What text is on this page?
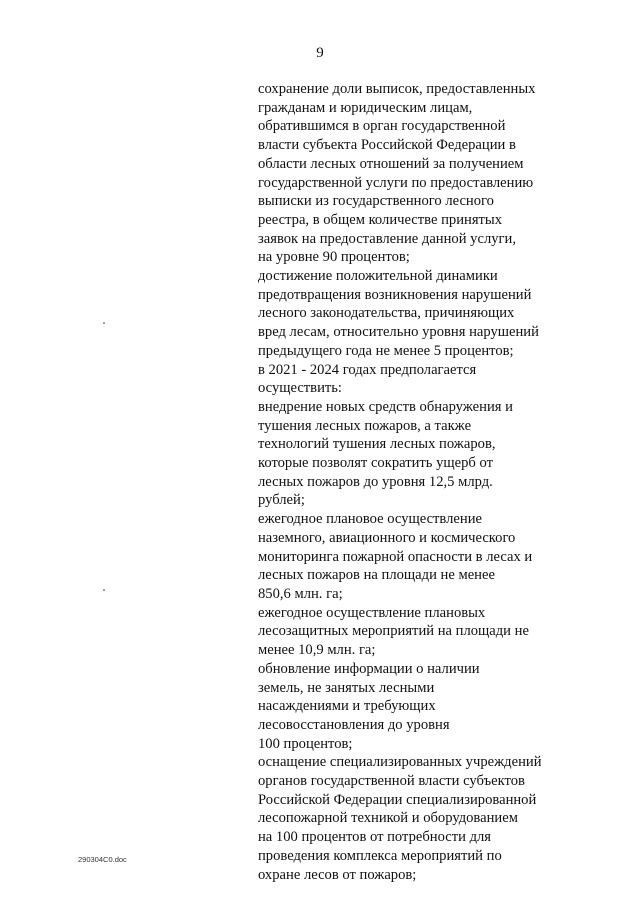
9
сохранение доли выписок, предоставленных
гражданам и юридическим лицам,
обратившимся в орган государственной
власти субъекта Российской Федерации в
области лесных отношений за получением
государственной услуги по предоставлению
выписки из государственного лесного
реестра, в общем количестве принятых
заявок на предоставление данной услуги,
на уровне 90 процентов;
достижение положительной динамики
предотвращения возникновения нарушений
лесного законодательства, причиняющих
вред лесам, относительно уровня нарушений
предыдущего года не менее 5 процентов;
в 2021 - 2024 годах предполагается
осуществить:
внедрение новых средств обнаружения и
тушения лесных пожаров, а также
технологий тушения лесных пожаров,
которые позволят сократить ущерб от
лесных пожаров до уровня 12,5 млрд.
рублей;
ежегодное плановое осуществление
наземного, авиационного и космического
мониторинга пожарной опасности в лесах и
лесных пожаров на площади не менее
850,6 млн. га;
ежегодное осуществление плановых
лесозащитных мероприятий на площади не
менее 10,9 млн. га;
обновление информации о наличии
земель, не занятых лесными
насаждениями и требующих
лесовосстановления до уровня
100 процентов;
оснащение специализированных учреждений
органов государственной власти субъектов
Российской Федерации специализированной
лесопожарной техникой и оборудованием
на 100 процентов от потребности для
проведения комплекса мероприятий по
охране лесов от пожаров;
290304С0.doc
